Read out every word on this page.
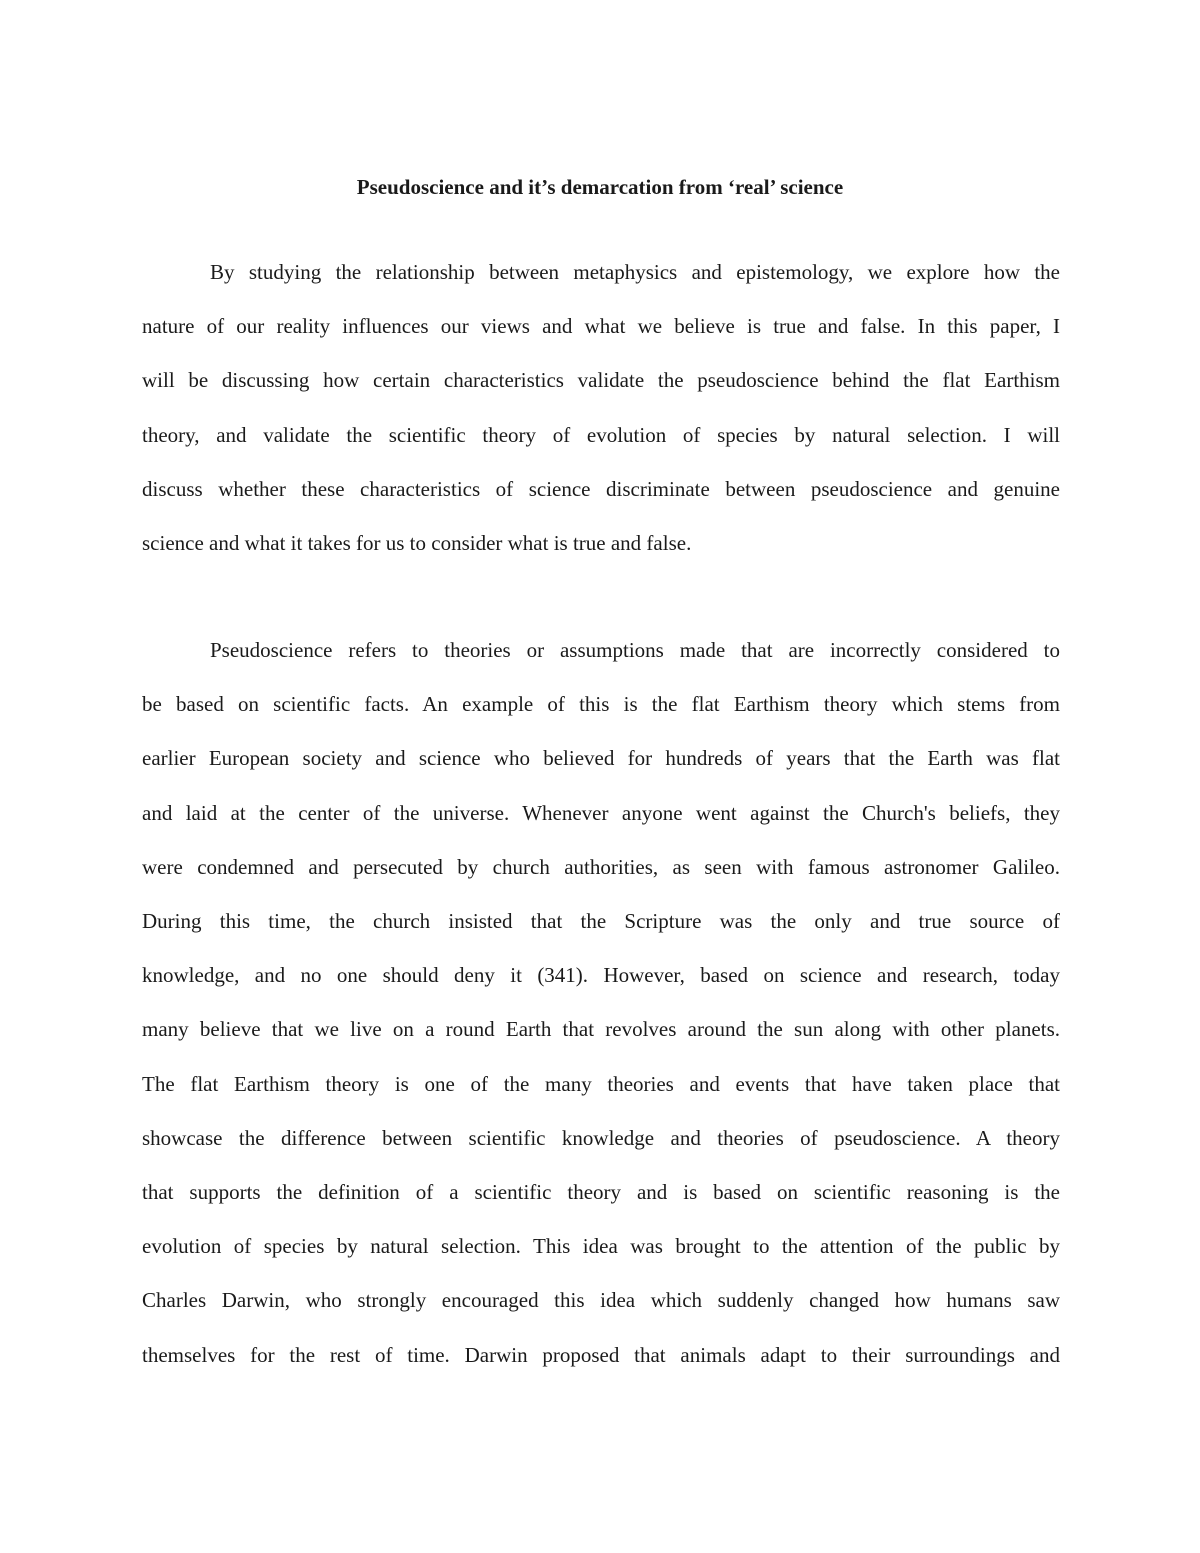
Pseudoscience and it’s demarcation from ‘real’ science
By studying the relationship between metaphysics and epistemology, we explore how the
nature of our reality influences our views and what we believe is true and false. In this paper, I
will be discussing how certain characteristics validate the pseudoscience behind the flat Earthism
theory, and validate the scientific theory of evolution of species by natural selection. I will
discuss whether these characteristics of science discriminate between pseudoscience and genuine
science and what it takes for us to consider what is true and false.
Pseudoscience refers to theories or assumptions made that are incorrectly considered to
be based on scientific facts. An example of this is the flat Earthism theory which stems from
earlier European society and science who believed for hundreds of years that the Earth was flat
and laid at the center of the universe. Whenever anyone went against the Church's beliefs, they
were condemned and persecuted by church authorities, as seen with famous astronomer Galileo.
During this time, the church insisted that the Scripture was the only and true source of
knowledge, and no one should deny it (341). However, based on science and research, today
many believe that we live on a round Earth that revolves around the sun along with other planets.
The flat Earthism theory is one of the many theories and events that have taken place that
showcase the difference between scientific knowledge and theories of pseudoscience. A theory
that supports the definition of a scientific theory and is based on scientific reasoning is the
evolution of species by natural selection. This idea was brought to the attention of the public by
Charles Darwin, who strongly encouraged this idea which suddenly changed how humans saw
themselves for the rest of time. Darwin proposed that animals adapt to their surroundings and
